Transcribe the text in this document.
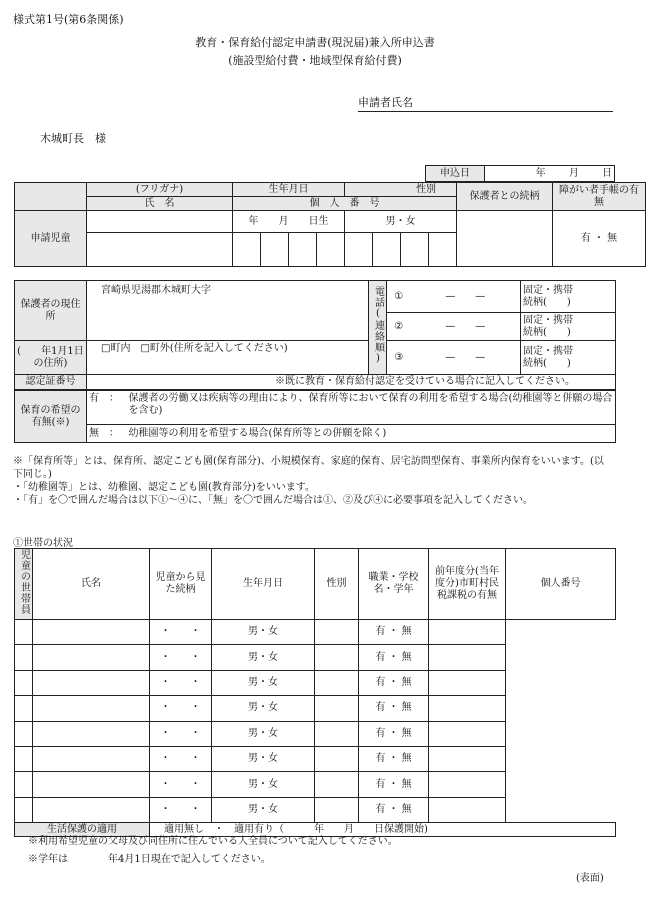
様式第1号(第6条関係)
教育・保育給付認定申請書(現況届)兼入所申込書
(施設型給付費・地域型保育給付費)
申請者氏名
木城町長　様
申込日	年　　 月　　 日
	(フリガナ)	生年月日				性別				保護者との続柄	障がい者手帳の有無
	氏　名	個　人　番　号									
申請児童		年　　月　　日生				男・女					有 ・ 無

保護者の現住所	宮崎県児湯郡木城町大字	電話(連絡順)	①	—　　—	固定・携帯
続柄(　　)

			②	—　　—	固定・携帯
続柄(　　)

(　　年1月1日の住所)	□町内　□町外(住所を記入してください)		③	—　　—	固定・携帯
続柄(　　)

認定証番号	※既に教育・保育給付認定を受けている場合に記入してください。				
保育の希望の有無(※)	有　：	保護者の労働又は疾病等の理由により、保育所等において保育の利用を希望する場合(幼稚園等と併願の場合を含む)
	無　：	幼稚園等の利用を希望する場合(保育所等との併願を除く)
※「保育所等」とは、保育所、認定こども園(保育部分)、小規模保育、家庭的保育、居宅訪問型保育、事業所内保育をいいます。(以下同じ。)
・「幼稚園等」とは、幼稚園、認定こども園(教育部分)をいいます。
・「有」を〇で囲んだ場合は以下①～④に、「無」を〇で囲んだ場合は①、②及び④に必要事項を記入してください。
①世帯の状況
児童の世帯員	氏名	児童から見た続柄	生年月日	性別	職業・学校名・学年	前年度分(当年度分)市町村民税課税の有無	個人番号
		・　　・	男・女		有 ・ 無		
		・　　・	男・女		有 ・ 無		
		・　　・	男・女		有 ・ 無		
		・　　・	男・女		有 ・ 無		
		・　　・	男・女		有 ・ 無		
		・　　・	男・女		有 ・ 無		
		・　　・	男・女		有 ・ 無		
		・　　・	男・女		有 ・ 無		
生活保護の適用		適用無し　・　適用有り（　　　年　　月　　日保護開始)					
※利用希望児童の父母及び同住所に住んでいる人全員について記入してください。
※学年は　　　　年4月1日現在で記入してください。
(表面)
